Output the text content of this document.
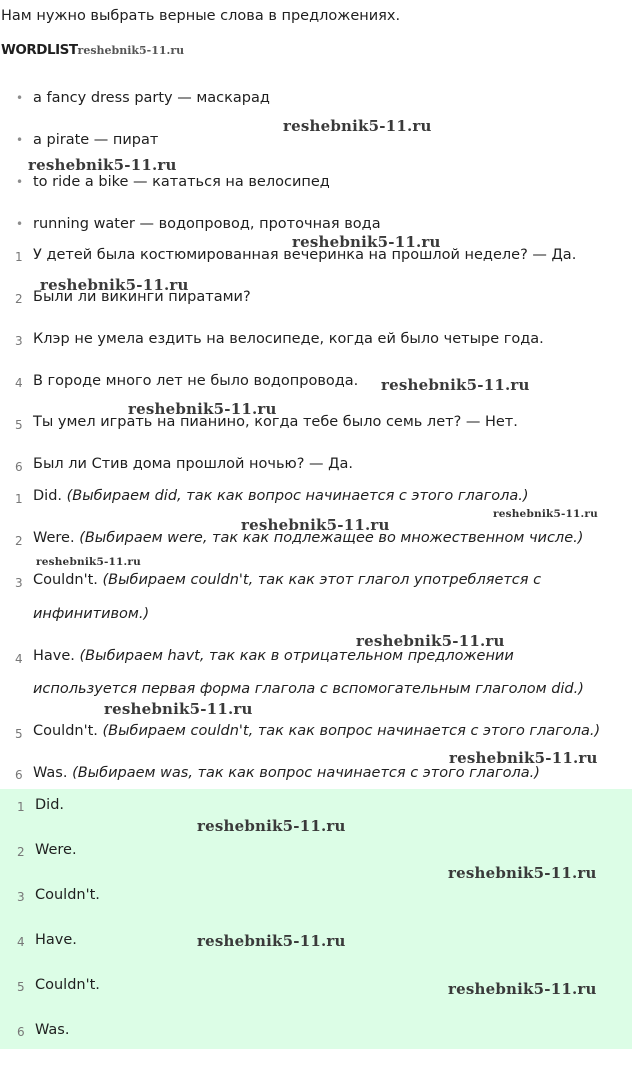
Нам нужно выбрать верные слова в предложениях.
WORDLISTreshebnik5-11.ru
• a fancy dress party — маскарад
• a pirate — пират
• to ride a bike — кататься на велосипед
• running water — водопровод, проточная вода
1 У детей была костюмированная вечеринка на прошлой неделе? — Да.
2 Были ли викинги пиратами?
3 Клэр не умела ездить на велосипеде, когда ей было четыре года.
4 В городе много лет не было водопровода.
5 Ты умел играть на пианино, когда тебе было семь лет? — Нет.
6 Был ли Стив дома прошлой ночью? — Да.
1 Did. (Выбираем did, так как вопрос начинается с этого глагола.)
2 Were. (Выбираем were, так как подлежащее во множественном числе.)
3 Couldn't. (Выбираем couldn't, так как этот глагол употребляется с
инфинитивом.)
4 Have. (Выбираем havt, так как в отрицательном предложении
используется первая форма глагола с вспомогательным глаголом did.)
5 Couldn't. (Выбираем couldn't, так как вопрос начинается с этого глагола.)
6 Was. (Выбираем was, так как вопрос начинается с этого глагола.)
1 Did.
2 Were.
3 Couldn't.
4 Have.
5 Couldn't.
6 Was.
reshebnik5-11.ru
reshebnik5-11.ru
reshebnik5-11.ru
reshebnik5-11.ru
reshebnik5-11.ru
reshebnik5-11.ru
reshebnik5-11.ru
reshebnik5-11.ru
reshebnik5-11.ru
reshebnik5-11.ru
reshebnik5-11.ru
reshebnik5-11.ru
reshebnik5-11.ru
reshebnik5-11.ru
reshebnik5-11.ru
reshebnik5-11.ru
